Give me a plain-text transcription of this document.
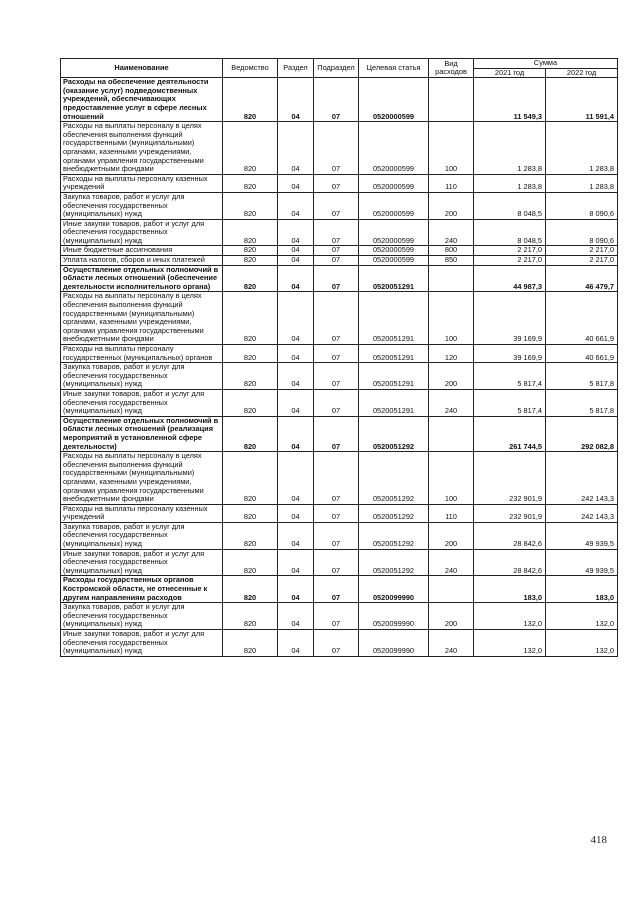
Наименование	Ведомство	Раздел	Подраздел	Целевая статья	Вид расходов	Сумма	
						2021 год	2022 год
Расходы на обеспечение деятельности (оказание услуг) подведомственных учреждений, обеспечивающих предоставление услуг в сфере лесных отношений	820	04	07	0520000599		11 549,3	11 591,4
Расходы на выплаты персоналу в целях обеспечения выполнения функций государственными (муниципальными) органами, казенными учреждениями, органами управления государственными внебюджетными фондами	820	04	07	0520000599	100	1 283,8	1 283,8
Расходы на выплаты персоналу казенных учреждений	820	04	07	0520000599	110	1 283,8	1 283,8
Закупка товаров, работ и услуг для обеспечения государственных (муниципальных) нужд	820	04	07	0520000599	200	8 048,5	8 090,6
Иные закупки товаров, работ и услуг для обеспечения государственных (муниципальных) нужд	820	04	07	0520000599	240	8 048,5	8 090,6
Иные бюджетные ассигнования	820	04	07	0520000599	800	2 217,0	2 217,0
Уплата налогов, сборов и иных платежей	820	04	07	0520000599	850	2 217,0	2 217,0
Осуществление отдельных полномочий в области лесных отношений (обеспечение деятельности исполнительного органа)	820	04	07	0520051291		44 987,3	46 479,7
Расходы на выплаты персоналу в целях обеспечения выполнения функций государственными (муниципальными) органами, казенными учреждениями, органами управления государственными внебюджетными фондами	820	04	07	0520051291	100	39 169,9	40 661,9
Расходы на выплаты персоналу государственных (муниципальных) органов	820	04	07	0520051291	120	39 169,9	40 661,9
Закупка товаров, работ и услуг для обеспечения государственных (муниципальных) нужд	820	04	07	0520051291	200	5 817,4	5 817,8
Иные закупки товаров, работ и услуг для обеспечения государственных (муниципальных) нужд	820	04	07	0520051291	240	5 817,4	5 817,8
Осуществление отдельных полномочий в области лесных отношений (реализация мероприятий в установленной сфере деятельности)	820	04	07	0520051292		261 744,5	292 082,8
Расходы на выплаты персоналу в целях обеспечения выполнения функций государственными (муниципальными) органами, казенными учреждениями, органами управления государственными внебюджетными фондами	820	04	07	0520051292	100	232 901,9	242 143,3
Расходы на выплаты персоналу казенных учреждений	820	04	07	0520051292	110	232 901,9	242 143,3
Закупка товаров, работ и услуг для обеспечения государственных (муниципальных) нужд	820	04	07	0520051292	200	28 842,6	49 939,5
Иные закупки товаров, работ и услуг для обеспечения государственных (муниципальных) нужд	820	04	07	0520051292	240	28 842,6	49 939,5
Расходы государственных органов Костромской области, не отнесенные к другим направлениям расходов	820	04	07	0520099990		183,0	183,0
Закупка товаров, работ и услуг для обеспечения государственных (муниципальных) нужд	820	04	07	0520099990	200	132,0	132,0
Иные закупки товаров, работ и услуг для обеспечения государственных (муниципальных) нужд	820	04	07	0520099990	240	132,0	132,0
418
